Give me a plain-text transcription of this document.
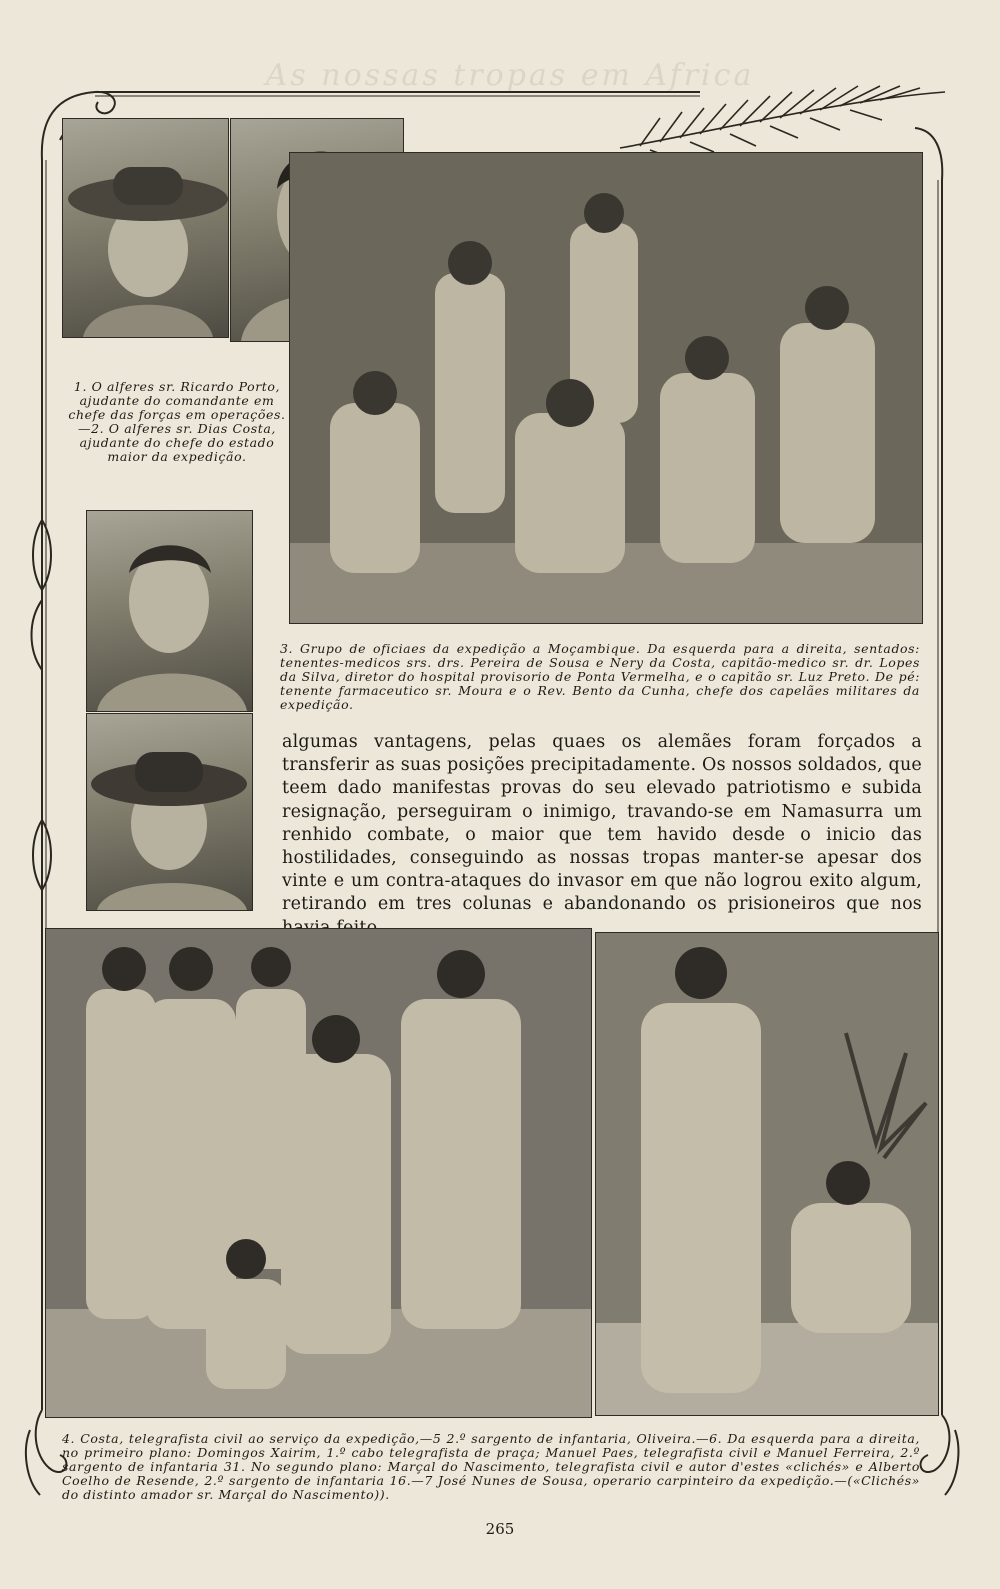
As nossas tropas em Africa
1. O alferes sr. Ricardo Porto, ajudante do comandante em chefe das forças em operações.—2. O alferes sr. Dias Costa, ajudante do chefe do estado maior da expedição.
3. Grupo de oficiaes da expedição a Moçambique. Da esquerda para a direita, sentados: tenentes-medicos srs. drs. Pereira de Sousa e Nery da Costa, capitão-medico sr. dr. Lopes da Silva, diretor do hospital provisorio de Ponta Vermelha, e o capitão sr. Luz Preto. De pé: tenente farmaceutico sr. Moura e o Rev. Bento da Cunha, chefe dos capelães militares da expedição.
algumas vantagens, pelas quaes os alemães foram forçados a transferir as suas posições precipitadamente. Os nossos soldados, que teem dado manifestas provas do seu elevado patriotismo e subida resignação, perseguiram o inimigo, travando-se em Namasurra um renhido combate, o maior que tem havido desde o inicio das hostilidades, conseguindo as nossas tropas manter-se apesar dos vinte e um contra-ataques do invasor em que não logrou exito algum, retirando em tres colunas e abandonando os prisioneiros que nos
4. Costa, telegrafista civil ao serviço da expedição,—5 2.º sargento de infantaria, Oliveira.—6. Da esquerda para a direita, no primeiro plano: Domingos Xairim, 1.º cabo telegrafista de praça; Manuel Paes, telegrafista civil e Manuel Ferreira, 2.º sargento de infantaria 31. No segundo plano: Marçal do Nascimento, telegrafista civil e autor d'estes «clichés» e Alberto Coelho de Resende, 2.º sargento de infantaria 16.—7 José Nunes de Sousa, operario carpinteiro da expedição.—(«Clichés» do distinto amador sr. Marçal do Nascimento)).
265
